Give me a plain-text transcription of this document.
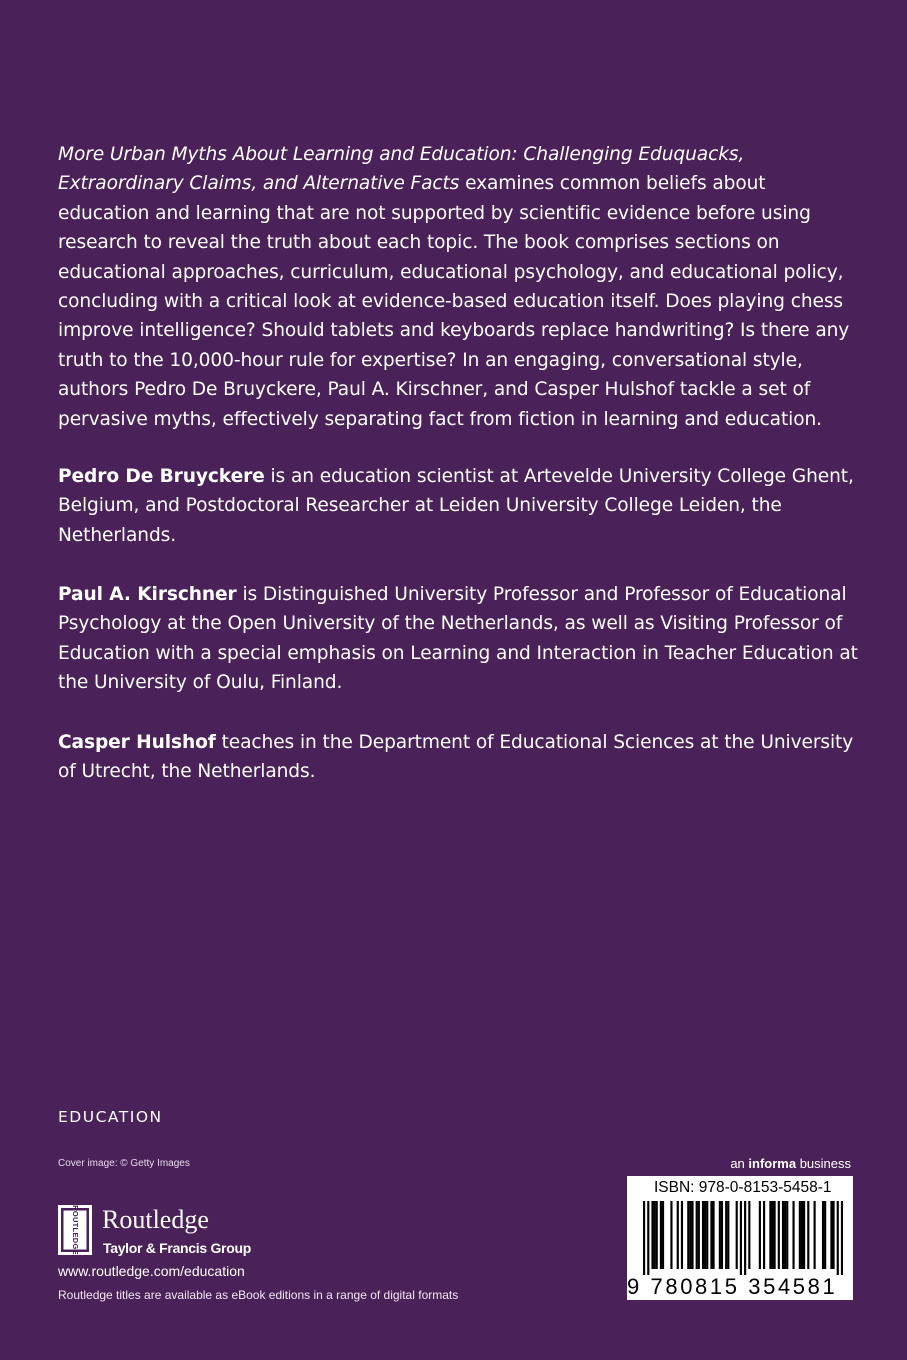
More Urban Myths About Learning and Education: Challenging Eduquacks,
Extraordinary Claims, and Alternative Facts examines common beliefs about education and learning that are not supported by scientific evidence before using research to reveal the truth about each topic. The book comprises sections on educational approaches, curriculum, educational psychology, and educational policy, concluding with a critical look at evidence-based education itself. Does playing chess improve intelligence? Should tablets and keyboards replace handwriting? Is there any truth to the 10,000-hour rule for expertise? In an engaging, conversational style, authors Pedro De Bruyckere, Paul A. Kirschner, and Casper Hulshof tackle a set of pervasive myths, effectively separating fact from fiction in learning and education.

Pedro De Bruyckere is an education scientist at Artevelde University College Ghent, Belgium, and Postdoctoral Researcher at Leiden University College Leiden, the Netherlands.

Paul A. Kirschner is Distinguished University Professor and Professor of Educational Psychology at the Open University of the Netherlands, as well as Visiting Professor of Education with a special emphasis on Learning and Interaction in Teacher Education at the University of Oulu, Finland.

Casper Hulshof teaches in the Department of Educational Sciences at the University of Utrecht, the Netherlands.

EDUCATION
Cover image: © Getty Images	an informa business
ROUTLEDGE Routledge
Taylor & Francis Group
www.routledge.com/education
Routledge titles are available as eBook editions in a range of digital formats
ISBN: 978-0-8153-5458-1
9 780815 354581
